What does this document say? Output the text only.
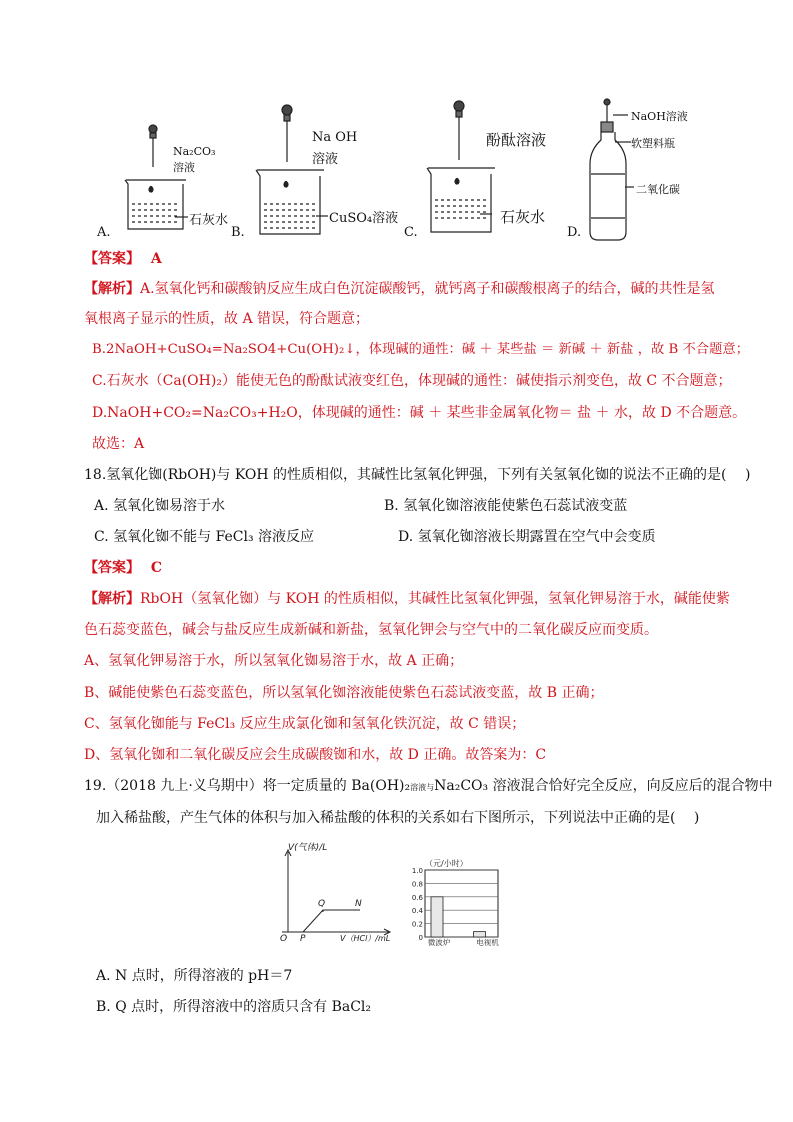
A.
Na₂CO₃
溶液
石灰水
B.
Na OH
溶液
CuSO₄溶液
C.
酚酞溶液
石灰水
D.
NaOH溶液
软塑料瓶
二氧化碳
【答案】 A
【解析】A.氢氧化钙和碳酸钠反应生成白色沉淀碳酸钙，就钙离子和碳酸根离子的结合，碱的共性是氢
氧根离子显示的性质，故 A 错误，符合题意；
B.2NaOH+CuSO₄=Na₂SO4+Cu(OH)₂↓，体现碱的通性：碱 ＋ 某些盐 ＝ 新碱 ＋ 新盐 ，故 B 不合题意；
C.石灰水（Ca(OH)₂）能使无色的酚酞试液变红色，体现碱的通性：碱使指示剂变色，故 C 不合题意；
D.NaOH+CO₂=Na₂CO₃+H₂O，体现碱的通性：碱 ＋ 某些非金属氧化物＝ 盐 ＋ 水，故 D 不合题意。
故选：A
18.氢氧化铷(RbOH)与 KOH 的性质相似，其碱性比氢氧化钾强，下列有关氢氧化铷的说法不正确的是(　 )
A. 氢氧化铷易溶于水	B. 氢氧化铷溶液能使紫色石蕊试液变蓝
C. 氢氧化铷不能与 FeCl₃ 溶液反应	D. 氢氧化铷溶液长期露置在空气中会变质
【答案】 C
【解析】RbOH（氢氧化铷）与 KOH 的性质相似，其碱性比氢氧化钾强，氢氧化钾易溶于水，碱能使紫
色石蕊变蓝色，碱会与盐反应生成新碱和新盐，氢氧化钾会与空气中的二氧化碳反应而变质。
A、氢氧化钾易溶于水，所以氢氧化铷易溶于水，故 A 正确；
B、碱能使紫色石蕊变蓝色，所以氢氧化铷溶液能使紫色石蕊试液变蓝，故 B 正确；
C、氢氧化铷能与 FeCl₃ 反应生成氯化铷和氢氧化铁沉淀，故 C 错误；
D、氢氧化铷和二氧化碳反应会生成碳酸铷和水，故 D 正确。故答案为：C
19.（2018 九上·义乌期中）将一定质量的 Ba(OH)₂溶液与Na₂CO₃ 溶液混合恰好完全反应，向反应后的混合物中
加入稀盐酸，产生气体的体积与加入稀盐酸的体积的关系如右下图所示，下列说法中正确的是(　 )
V(气体)/L
V（HCl）/mL
O P
Q	N
（元/小时）
0
0.2
0.4
0.6
0.8
1.0
微波炉	电视机
A. N 点时，所得溶液的 pH＝7
B. Q 点时，所得溶液中的溶质只含有 BaCl₂
